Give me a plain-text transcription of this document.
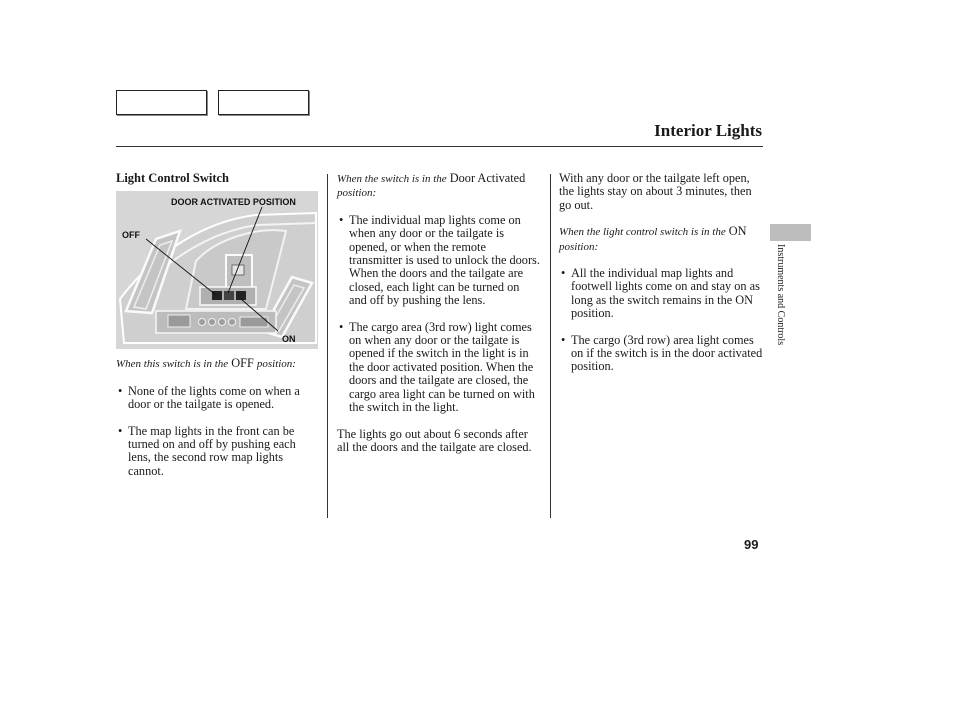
Interior Lights
Light Control Switch
DOOR ACTIVATED POSITION
OFF
ON

When this switch is in the OFF position:

• None of the lights come on when a door or the tailgate is opened.
• The map lights in the front can be turned on and off by pushing each lens, the second row map lights cannot.

When the switch is in the Door Activated position:

• The individual map lights come on when any door or the tailgate is opened, or when the remote transmitter is used to unlock the doors. When the doors and the tailgate are closed, each light can be turned on and off by pushing the lens.
• The cargo area (3rd row) light comes on when any door or the tailgate is opened if the switch in the light is in the door activated position. When the doors and the tailgate are closed, the cargo area light can be turned on with the switch in the light.

The lights go out about 6 seconds after all the doors and the tailgate are closed.

With any door or the tailgate left open, the lights stay on about 3 minutes, then go out.

When the light control switch is in the ON position:

• All the individual map lights and footwell lights come on and stay on as long as the switch remains in the ON position.
• The cargo (3rd row) area light comes on if the switch is in the door activated position.
Instruments and Controls
99
